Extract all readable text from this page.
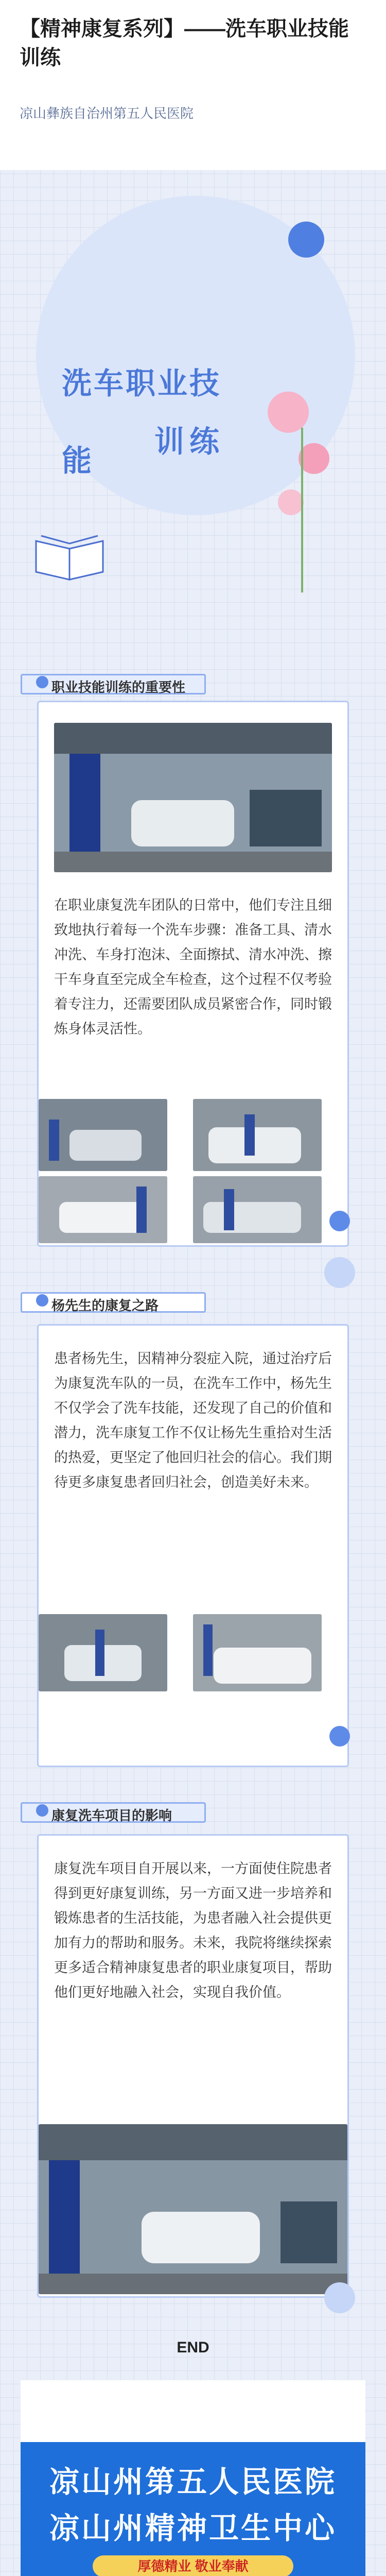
【精神康复系列】——洗车职业技能训练
凉山彝族自治州第五人民医院
洗车职业技能
训练
职业技能训练的重要性
在职业康复洗车团队的日常中，他们专注且细致地执行着每一个洗车步骤：准备工具、清水冲洗、车身打泡沫、全面擦拭、清水冲洗、擦干车身直至完成全车检查，这个过程不仅考验着专注力，还需要团队成员紧密合作，同时锻炼身体灵活性。
杨先生的康复之路
患者杨先生，因精神分裂症入院，通过治疗后为康复洗车队的一员，在洗车工作中，杨先生不仅学会了洗车技能，还发现了自己的价值和潜力，洗车康复工作不仅让杨先生重拾对生活的热爱，更坚定了他回归社会的信心。我们期待更多康复患者回归社会，创造美好未来。
康复洗车项目的影响
康复洗车项目自开展以来，一方面使住院患者得到更好康复训练，另一方面又进一步培养和锻炼患者的生活技能，为患者融入社会提供更加有力的帮助和服务。未来，我院将继续探索更多适合精神康复患者的职业康复项目，帮助他们更好地融入社会，实现自我价值。
END
凉山州第五人民医院
凉山州精神卫生中心
厚德精业 敬业奉献
